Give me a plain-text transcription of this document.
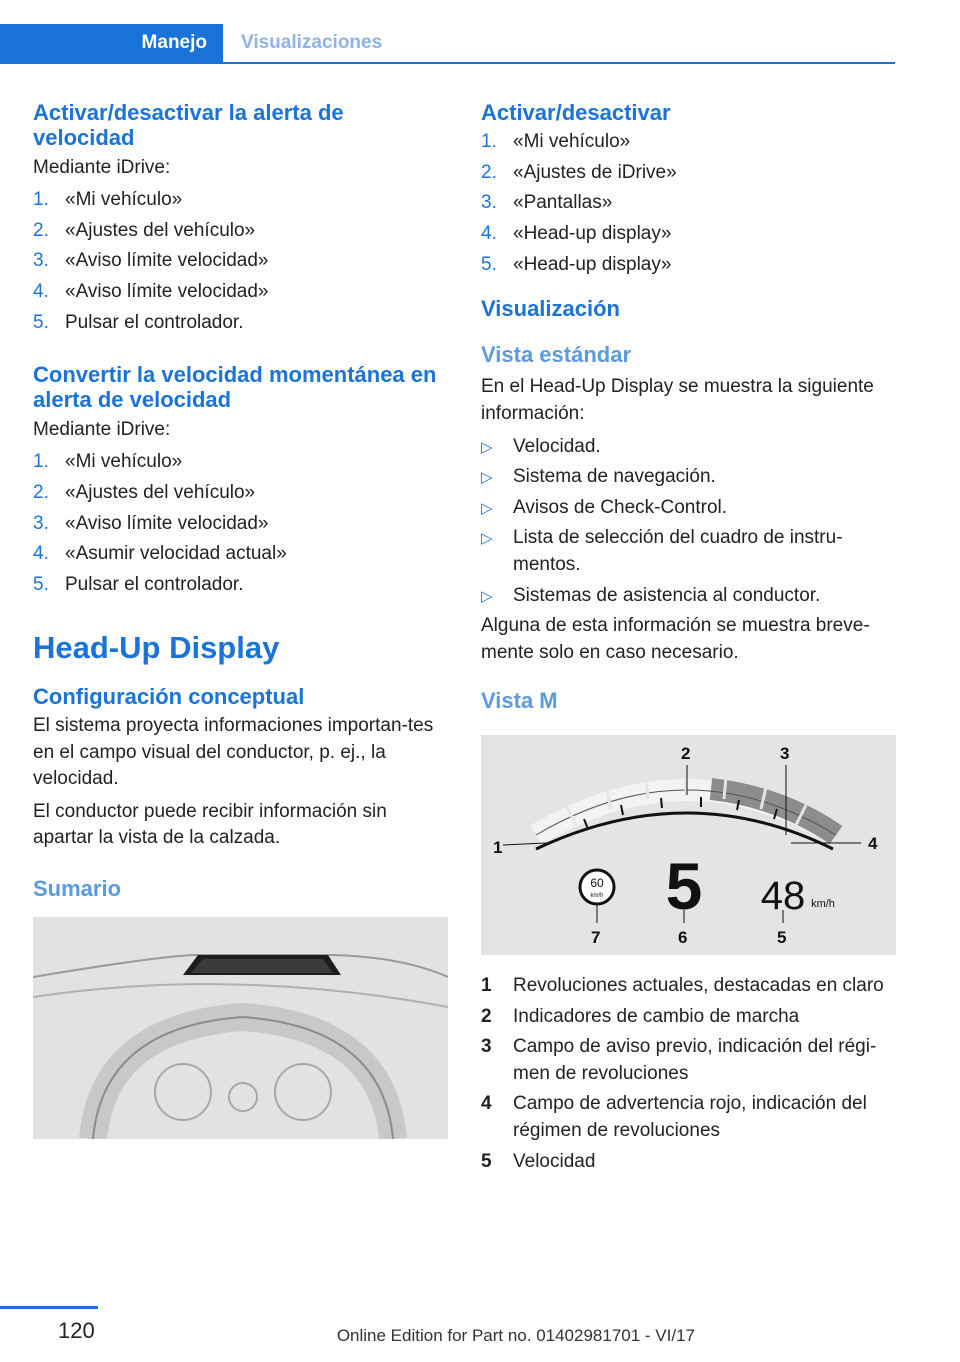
Manejo Visualizaciones
Activar/desactivar la alerta de velocidad

Mediante iDrive:

1. «Mi vehículo»
2. «Ajustes del vehículo»
3. «Aviso límite velocidad»
4. «Aviso límite velocidad»
5. Pulsar el controlador.
Convertir la velocidad momentánea en alerta de velocidad

Mediante iDrive:

1. «Mi vehículo»
2. «Ajustes del vehículo»
3. «Aviso límite velocidad»
4. «Asumir velocidad actual»
5. Pulsar el controlador.
Head-Up Display
Configuración conceptual

El sistema proyecta informaciones importan-tes en el campo visual del conductor, p. ej., la velocidad.

El conductor puede recibir información sin apartar la vista de la calzada.

Sumario
Activar/desactivar
1. «Mi vehículo»
2. «Ajustes de iDrive»
3. «Pantallas»
4. «Head-up display»
5. «Head-up display»
Visualización
Vista estándar

En el Head-Up Display se muestra la siguiente información:

▷	Velocidad.
▷	Sistema de navegación.
▷	Avisos de Check-Control.
▷	Lista de selección del cuadro de instru-mentos.
▷	Sistemas de asistencia al conductor.

Alguna de esta información se muestra breve-mente solo en caso necesario.

Vista M
60
km/h 5 48 km/h
1
2	3
4
7	6	5
1	Revoluciones actuales, destacadas en claro
2	Indicadores de cambio de marcha
3	Campo de aviso previo, indicación del régi-men de revoluciones
4	Campo de advertencia rojo, indicación del régimen de revoluciones
5	Velocidad
120	Online Edition for Part no. 01402981701 - VI/17
